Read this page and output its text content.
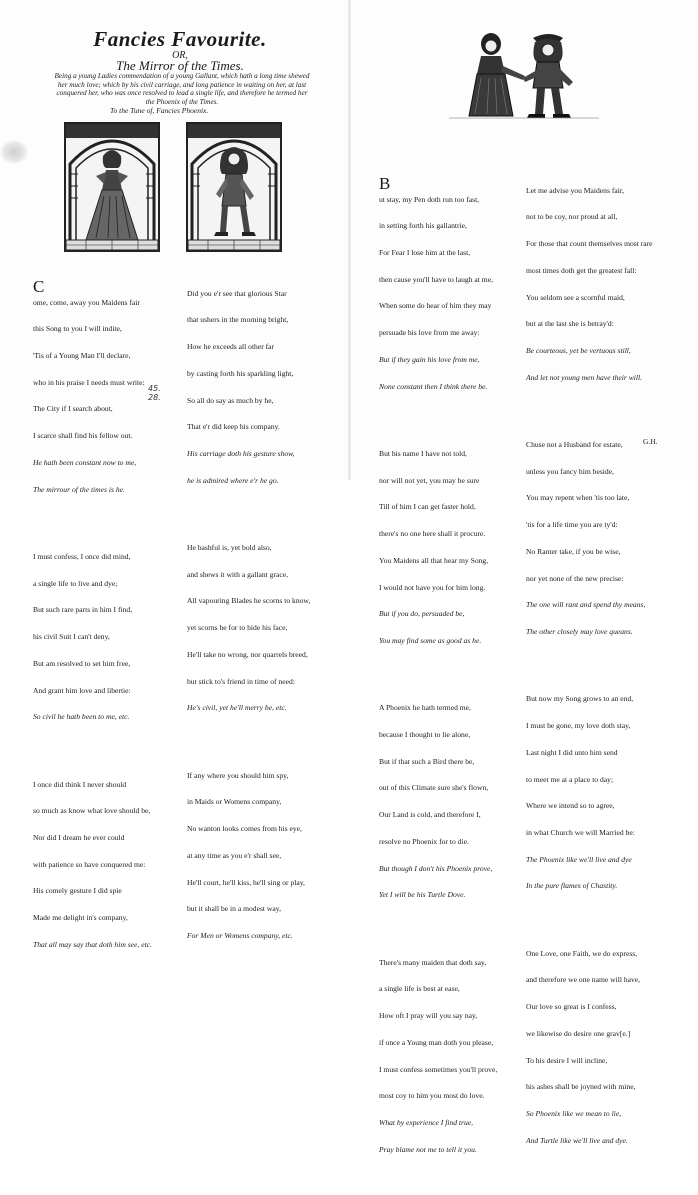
Fancies Favourite.
OR,
The Mirror of the Times.
Being a young Ladies commendation of a young Gallant, which hath a long time shewed
her much love; which by his civil carriage, and long patience in waiting on her, at last
conquered her, who was once resolved to lead a single life, and therefore he termed her
the Phoenix of the Times.
To the Tune of, Fancies Phoenix.

C

ome, come, away you Maidens fair

this Song to you I will indite,

'Tis of a Young Man I'll declare,

who in his praise I needs must write:

The City if I search about,

I scarce shall find his fellow out.

He hath been constant now to me,

The mirrour of the times is he.

I must confess, I once did mind,

a single life to live and dye;

But such rare parts in him I find,

his civil Suit I can't deny,

But am resolved to set him free,

And grant him love and libertie:

So civil he hath been to me, etc.

I once did think I never should

so much as know what love should be,

Nor did I dream he ever could

with patience so have conquered me:

His comely gesture I did spie

Made me delight in's company,

That all may say that doth him see, etc.

45.
28.

Did you e'r see that glorious Star

that ushers in the morning bright,

How he exceeds all other far

by casting forth his sparkling light,

So all do say as much by he,

That e'r did keep his company.

His carriage doth his gesture show,

he is admired where e'r he go.

He bashful is, yet bold also,

and shews it with a gallant grace,

All vapouring Blades he scorns to know,

yet scorns he for to hide his face,

He'll take no wrong, nor quarrels breed,

but stick to's friend in time of need:

He's civil, yet he'll merry be, etc.

If any where you should him spy,

in Maids or Womens company,

No wanton looks comes from his eye,

at any time as you e'r shall see,

He'll court, he'll kiss, he'll sing or play,

but it shall be in a modest way,

For Men or Womens company, etc.

B

ut stay, my Pen doth run too fast,

in setting forth his gallantrie,

For Fear I lose him at the last,

then cause you'll have to laugh at me,

When some do hear of him they may

persuade his love from me away:

But if they gain his love from me,

None constant then I think there be.

But his name I have not told,

nor will not yet, you may be sure

Till of him I can get faster hold,

there's no one here shall it procure.

You Maidens all that hear my Song,

I would not have you for him long.

But if you do, persuaded be,

You may find some as good as he.

A Phoenix he hath termed me,

because I thought to lie alone,

But if that such a Bird there be,

out of this Climate sure she's flown,

Our Land is cold, and therefore I,

resolve no Phoenix for to die.

But though I don't his Phoenix prove,

Yet I will be his Turtle Dove.

There's many maiden that doth say,

a single life is best at ease,

How oft I pray will you say nay,

if once a Young man doth you please,

I must confess sometimes you'll prove,

most coy to him you most do love.

What by experience I find true,

Pray blame not me to tell it you.

Let me advise you Maidens fair,

not to be coy, nor proud at all,

For those that count themselves most rare

most times doth get the greatest fall:

You seldom see a scornful maid,

but at the last she is betray'd:

Be courteous, yet be vertuous still,

And let not young men have their will.

Chuse not a Husband for estate,

unless you fancy him beside,

You may repent when 'tis too late,

'tis for a life time you are ty'd:

No Ranter take, if you be wise,

nor yet none of the new precise:

The one will rant and spend thy means,

The other closely may love queans.

But now my Song grows to an end,

I must be gone, my love doth stay,

Last night I did unto him send

to meet me at a place to day;

Where we intend so to agree,

in what Church we will Married be:

The Phoenix like we'll live and dye

In the pure flames of Chastity.

One Love, one Faith, we do express,

and therefore we one name will have,

Our love so great is I confess,

we likewise do desire one grav[e.]

To his desire I will incline,

his ashes shall be joyned with mine,

So Phoenix like we mean to lie,

And Turtle like we'll live and dye.

G.H.
